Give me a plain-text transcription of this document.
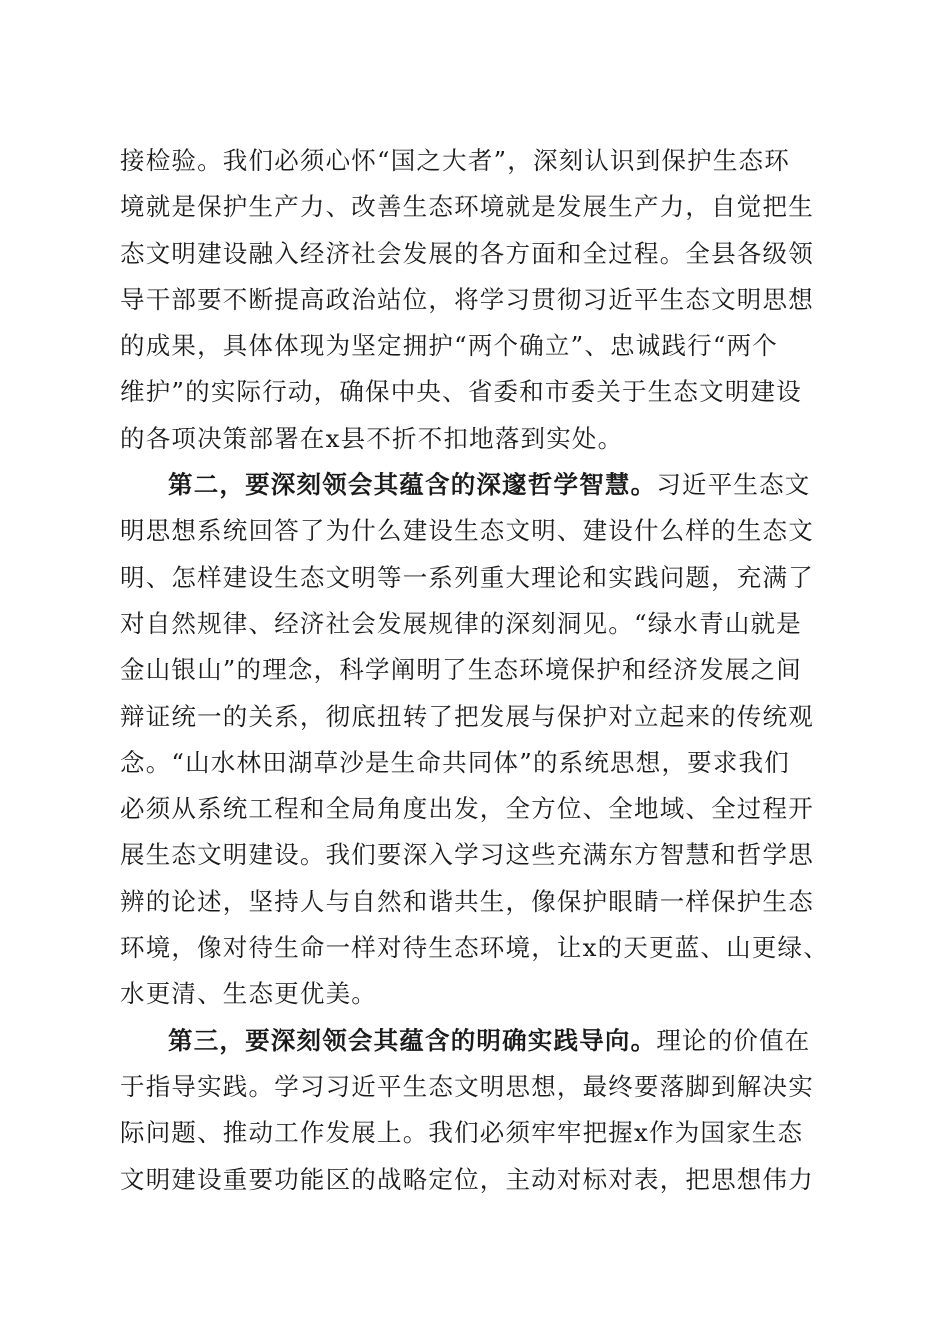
接检验。我们必须心怀“国之大者”，深刻认识到保护生态环
境就是保护生产力、改善生态环境就是发展生产力，自觉把生
态文明建设融入经济社会发展的各方面和全过程。全县各级领
导干部要不断提高政治站位，将学习贯彻习近平生态文明思想
的成果，具体体现为坚定拥护“两个确立”、忠诚践行“两个
维护”的实际行动，确保中央、省委和市委关于生态文明建设
的各项决策部署在x县不折不扣地落到实处。
第二，要深刻领会其蕴含的深邃哲学智慧。习近平生态文
明思想系统回答了为什么建设生态文明、建设什么样的生态文
明、怎样建设生态文明等一系列重大理论和实践问题，充满了
对自然规律、经济社会发展规律的深刻洞见。“绿水青山就是
金山银山”的理念，科学阐明了生态环境保护和经济发展之间
辩证统一的关系，彻底扭转了把发展与保护对立起来的传统观
念。“山水林田湖草沙是生命共同体”的系统思想，要求我们
必须从系统工程和全局角度出发，全方位、全地域、全过程开
展生态文明建设。我们要深入学习这些充满东方智慧和哲学思
辨的论述，坚持人与自然和谐共生，像保护眼睛一样保护生态
环境，像对待生命一样对待生态环境，让x的天更蓝、山更绿、
水更清、生态更优美。
第三，要深刻领会其蕴含的明确实践导向。理论的价值在
于指导实践。学习习近平生态文明思想，最终要落脚到解决实
际问题、推动工作发展上。我们必须牢牢把握x作为国家生态
文明建设重要功能区的战略定位，主动对标对表，把思想伟力
